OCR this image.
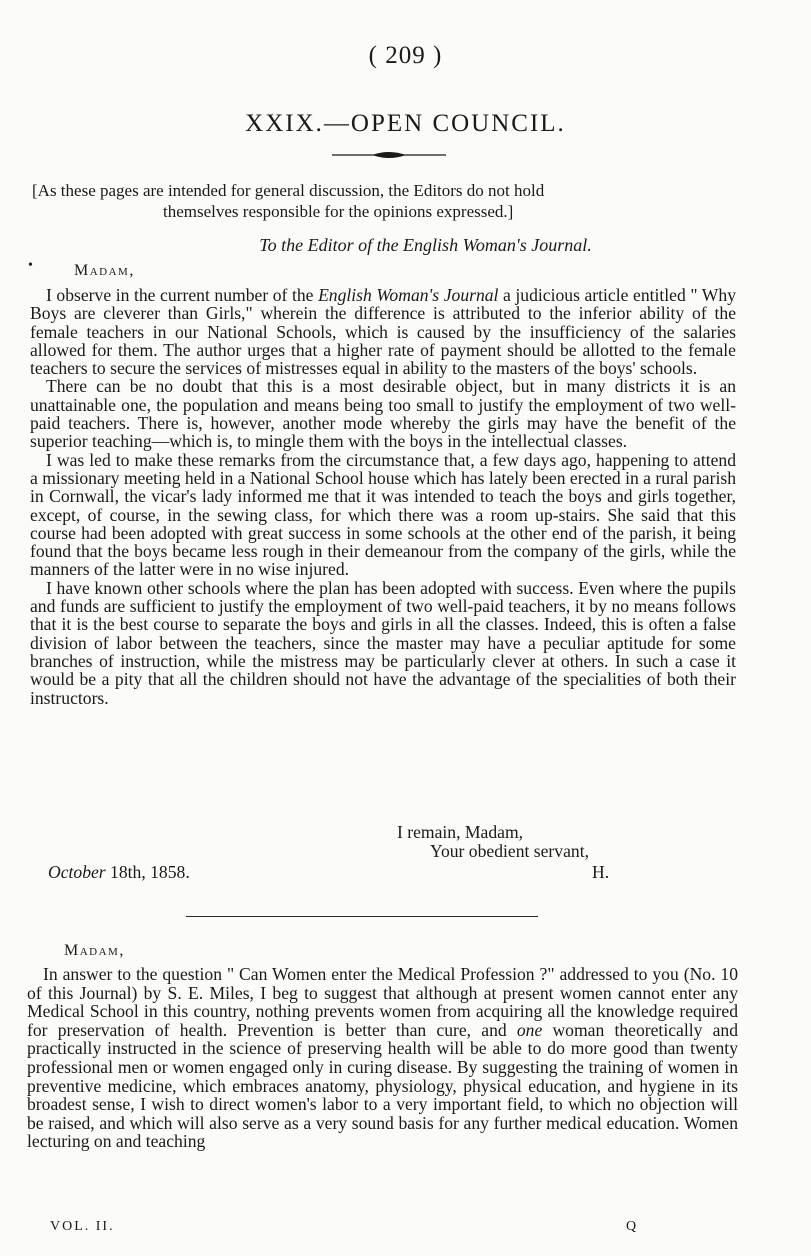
( 209 )
XXIX.—OPEN COUNCIL.
[As these pages are intended for general discussion, the Editors do not hold
themselves responsible for the opinions expressed.]
To the Editor of the English Woman's Journal.
•	Madam,

I observe in the current number of the English Woman's Journal a judicious article entitled " Why Boys are cleverer than Girls," wherein the difference is attributed to the inferior ability of the female teachers in our National Schools, which is caused by the insufficiency of the salaries allowed for them. The author urges that a higher rate of payment should be allotted to the female teachers to secure the services of mistresses equal in ability to the masters of the boys' schools.

There can be no doubt that this is a most desirable object, but in many districts it is an unattainable one, the population and means being too small to justify the employment of two well-paid teachers. There is, however, another mode whereby the girls may have the benefit of the superior teaching—which is, to mingle them with the boys in the intellectual classes.

I was led to make these remarks from the circumstance that, a few days ago, happening to attend a missionary meeting held in a National School house which has lately been erected in a rural parish in Cornwall, the vicar's lady informed me that it was intended to teach the boys and girls together, except, of course, in the sewing class, for which there was a room up-stairs. She said that this course had been adopted with great success in some schools at the other end of the parish, it being found that the boys became less rough in their demeanour from the company of the girls, while the manners of the latter were in no wise injured.

I have known other schools where the plan has been adopted with success. Even where the pupils and funds are sufficient to justify the employment of two well-paid teachers, it by no means follows that it is the best course to separate the boys and girls in all the classes. Indeed, this is often a false division of labor between the teachers, since the master may have a peculiar aptitude for some branches of instruction, while the mistress may be particularly clever at others. In such a case it would be a pity that all the children should not have the advantage of the specialities of both their instructors.

I remain, Madam,
Your obedient servant,
October 18th, 1858.	H.
Madam,

In answer to the question " Can Women enter the Medical Profession ?" addressed to you (No. 10 of this Journal) by S. E. Miles, I beg to suggest that although at present women cannot enter any Medical School in this country, nothing prevents women from acquiring all the knowledge required for preservation of health. Prevention is better than cure, and one woman theoretically and practically instructed in the science of preserving health will be able to do more good than twenty professional men or women engaged only in curing disease. By suggesting the training of women in preventive medicine, which embraces anatomy, physiology, physical education, and hygiene in its broadest sense, I wish to direct women's labor to a very important field, to which no objection will be raised, and which will also serve as a very sound basis for any further medical education. Women lecturing on and teaching

VOL. II.	Q
